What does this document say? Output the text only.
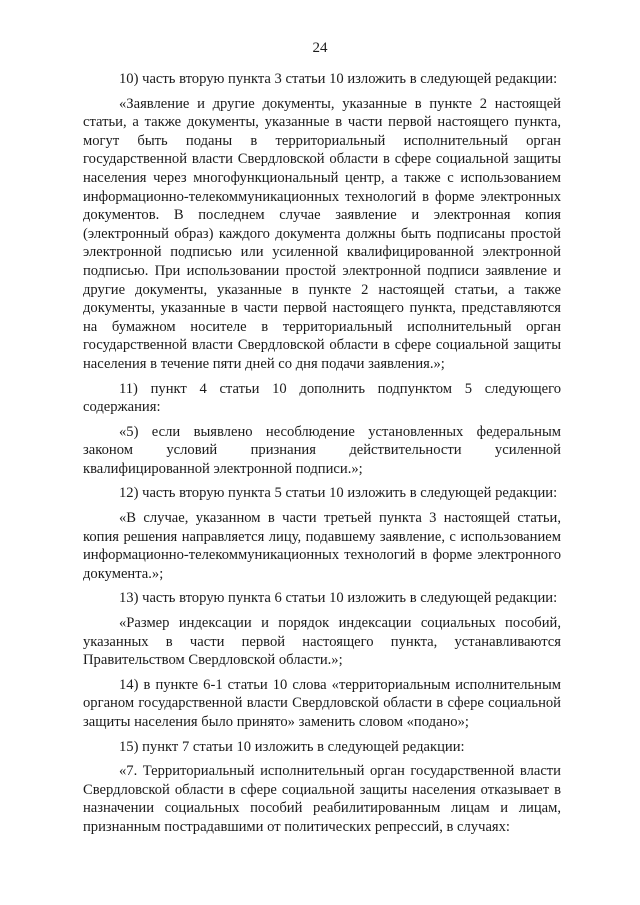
24

10) часть вторую пункта 3 статьи 10 изложить в следующей редакции:

«Заявление и другие документы, указанные в пункте 2 настоящей статьи, а также документы, указанные в части первой настоящего пункта, могут быть поданы в территориальный исполнительный орган государственной власти Свердловской области в сфере социальной защиты населения через многофункциональный центр, а также с использованием информационно-телекоммуникационных технологий в форме электронных документов. В последнем случае заявление и электронная копия (электронный образ) каждого документа должны быть подписаны простой электронной подписью или усиленной квалифицированной электронной подписью. При использовании простой электронной подписи заявление и другие документы, указанные в пункте 2 настоящей статьи, а также документы, указанные в части первой настоящего пункта, представляются на бумажном носителе в территориальный исполнительный орган государственной власти Свердловской области в сфере социальной защиты населения в течение пяти дней со дня подачи заявления.»;

11) пункт 4 статьи 10 дополнить подпунктом 5 следующего содержания:

«5) если выявлено несоблюдение установленных федеральным законом условий признания действительности усиленной квалифицированной электронной подписи.»;

12) часть вторую пункта 5 статьи 10 изложить в следующей редакции:

«В случае, указанном в части третьей пункта 3 настоящей статьи, копия решения направляется лицу, подавшему заявление, с использованием информационно-телекоммуникационных технологий в форме электронного документа.»;

13) часть вторую пункта 6 статьи 10 изложить в следующей редакции:

«Размер индексации и порядок индексации социальных пособий, указанных в части первой настоящего пункта, устанавливаются Правительством Свердловской области.»;

14) в пункте 6-1 статьи 10 слова «территориальным исполнительным органом государственной власти Свердловской области в сфере социальной защиты населения было принято» заменить словом «подано»;

15) пункт 7 статьи 10 изложить в следующей редакции:

«7. Территориальный исполнительный орган государственной власти Свердловской области в сфере социальной защиты населения отказывает в назначении социальных пособий реабилитированным лицам и лицам, признанным пострадавшими от политических репрессий, в случаях:
